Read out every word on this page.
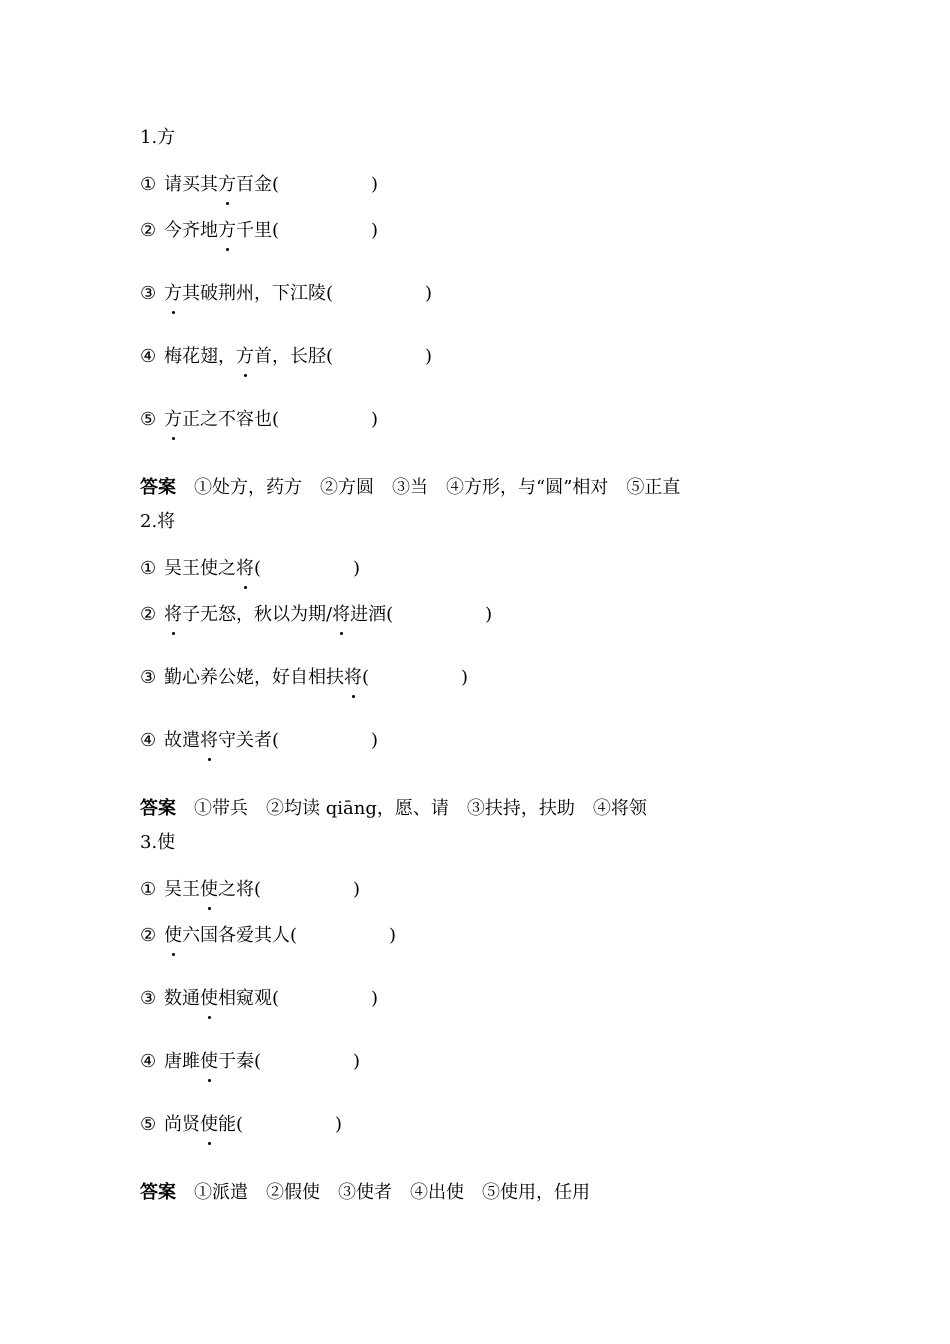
1.方
① 请买其方百金(	)
② 今齐地方千里(	)
③ 方其破荆州，下江陵(	)
④ 梅花翅，方首，长胫(	)
⑤ 方正之不容也(	)
答案 ①处方，药方 ②方圆 ③当 ④方形，与“圆”相对 ⑤正直
2.将
① 吴王使之将(	)
② 将子无怒，秋以为期/将进酒(	)
③ 勤心养公姥，好自相扶将(	)
④ 故遣将守关者(	)
答案 ①带兵 ②均读 qiāng，愿、请 ③扶持，扶助 ④将领
3.使
① 吴王使之将(	)
② 使六国各爱其人(	)
③ 数通使相窥观(	)
④ 唐雎使于秦(	)
⑤ 尚贤使能(	)
答案 ①派遣 ②假使 ③使者 ④出使 ⑤使用，任用
